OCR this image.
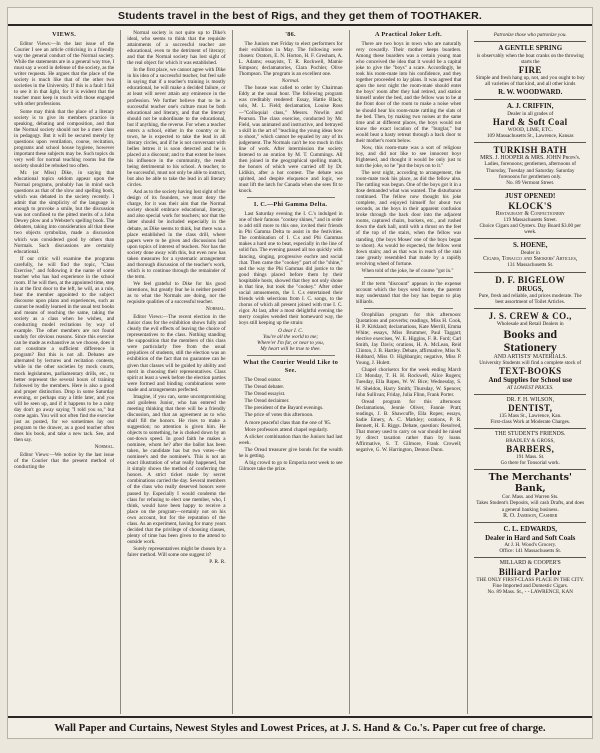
Students travel in the best of Rigs, and they get them of TOOTHAKER.
VIEWS.

Editor Views:—In the last issue of the Courier I see an article criticising in a friendly way the general conduct of the Normal society. While the statements are in a general way true, I must say a word in defense of the society, as the writer requests. He argues that the place of the society is much like that of the other two societies in the University. If this is a fault I fail to see it in that light, for it is evident that the teacher must keep in touch with those engaged with other professions.

Some may think that the place of a literary society is to give its members practice in speaking, debating and composition, and that the Normal society should not be a mere class in pedagogy. But it will be secured merely by questions upon ventilation, course, recitation, programs and school house hygiene, however important these subjects may be. Such topics do very well for normal teaching rooms but the society should be rebuked too often.

Mr. (or Miss) Dike, in saying that educational topics seldom appear upon the Normal programs, probably has in mind such questions as that of the slow and spelling book, which was debated in the society recently. I admit that the simplicity of the language is enough to provoke a smile, but the discussion was not confined to the pitted merits of a John Dewey plow and a Webster's spelling book. The debaters, taking into consideration all that these two objects symbolize, made a discussion which was considered good by others than Normals. Such discussions are certainly educational.

If our critic will examine the programs carefully, he will find the topic, "Class Exercise," and following it the name of some teacher who has had experience in the school room. If he will then, at the appointed time, step in at the first door to the left, he will, as a rule, hear the member appointed to the subject discourse upon plans and experiences, such as cannot be readily learned in the usual text books and means of reaching the same, taking the society as a class when he wishes, and conducting model recitations by way of example. The other members are not found unduly for obvious reasons. Since this exercise can be made as exhaustive as we choose, does it not constitute a sufficient difference in program? But this is not all. Debates are alternated by lectures and recitation contests, while in the other societies by mock courts, mock legislatures, parliamentary drills, etc., to better represent the several hours of training followed by the members. Here is also a good and proper distinction. Drop in some Saturday evening, or perhaps stay a little later, and you will be seen up, and if it happens to be a rainy day don't go away saying "I told you so," but come again. You will not often find the exercise just as posted, for we sometimes lay our program to the drawer, as a good teacher often does his book, and take a new tack. See, and then say.

Normal.

Editor Views:—We notice by the last issue of the Courier that the present method of conducting the

Normal society is not quite up to Dike's ideal, who seems to think that the requisite attainments of a successful teacher are educational, even to the detriment of literary; and that the Normal society has lost sight of the real object for which it was established.

In the first place, we cannot agree with Dike in his idea of a successful teacher, but feel safe in saying that if a teacher's training is mostly educational, he will make a decided failure, or at least will never attain any eminence in the profession. We further believe that to be a successful teacher one's culture must be both educational and literary, and that the literary should not be subordinate to the educational, but if anything, the reverse. For when a teacher enters a school, either in the country or in town, he is expected to take the lead in all literary circles, and if he is not conversant with belles lettres it is soon detected and he is placed at a discount; and to that extent he loses his influence in the community, the result being detrimental to his school. A teacher, to be successful, must not only be able to instruct, but also be able to take the lead in all literary circles.

And as to the society having lost sight of the design of its founders, we must deny the charge, for it was their aim that the Normal society should embrace educational, literary, and also special work for teachers; nor that the latter should be included especially in the debate, as Dike seems to think, but there was a place established in the class drill, where papers were to be given and discussions had upon topics of interest of teachers. Nor has the society done away with this, but even now has taken measures for a systematic arrangement and thorough discussion of the teacher's work, which is to continue through the remainder of the term.

We feel grateful to Dike for his good intentions, but greatly fear he is neither posted as to what the Normals are doing, nor the requisite qualities of a successful teacher.

Normal.

Editor Views:—The recent election in the Junior class for the exhibition shows fully and clearly the evil effects of leaving the choice of representatives to the class. Nothing standing the supposition that the members of this class were particularly free from the usual prejudices of students, still the election was an exhibition of the fact that no guarantee can be given that classes will be guided by ability and merit in choosing their representatives. Class spirit at least a week before the election parties were formed and binding combinations were made and arrangements perfected.

Imagine, if you can, some uncompromising and guileless Junior, who has entered the meeting thinking that there will be a friendly discussion, and that an agreement as to who shall fill the honors. He rises to make a suggestion; no attention is given him. He objects to something, he is choked down by an out-down speed. In good faith he makes a nominee, whom he? after the ballot has been taken, he candidate has but two votes—the nominee's and the nominee's. This is not an exact illustration of what really happened, but it simply shows the method of conferring the honors. A strict ticket made by secret combinations carried the day. Several members of the class who really deserved honors were passed by. Especially I would condemn the class for refusing to elect one member, who, I think, would have been happy to receive a place on the program—certainly not on his own account, but for the reputation of the class. As an experiment, having for many years decided that the privilege of choosing classes, plenty of time has been given to the attend to outside work.

Surely representatives might be chosen by a fairer method. Will some one suggest it?

P. R. R.
'86.

The Juniors met Friday to elect performers for their exhibition in May. The following were chosen: Orators, E. N. Horton, H. F. Gresham, A. L. Adams; essayists, T. R. Rockwell, Mamie Simpson; declamatories, Clara Pochler, Olive Thompson. The program is an excellent one.

Normal.

The house was called to order by Chairman Eddy at the usual hour. The following program was creditably rendered: Essay, Hattie Black; solo, M. L. Field; declamation, Louise Ross—"Colloquial class," Messrs. Nowlin and Pearson. The class exercise, conducted by Mr. Field, was animated and instructive, and betrayed a skill in the art of "teaching the young ideas how to shoot," which cannot be equaled by any of its judgement. The Normals can't be too much in this line of work. After intermission the society listened to an oration by M. T. Cummings. All then joined in the geographical spelling match, the honors of which were carried off by Dr. Lidikin, after a hot contest. The debate was spirited, and despite eloquence and logic, we must lift the latch for Canada when she sees fit to knock.

I. C.—Phi Gamma Delta.

Last Saturday evening the I. C.'s indulged in one of their famous "cookey shines," and in order to add still more to this one, invited their friends in Phi Gamma Delta to assist in the festivities. The combination of I. C.s and Phi Gammas makes a hard one to beat, especially in the line of solid fun. The evening passed all too quickly with dancing, singing, progressive euchre and social chat. Then came the "cookey" part of the "shine," and the way the Phi Gammas did justice to the good things placed before them by their hospitable hosts, showed that they not only shone in that line, but took the "cookey." After other social amusements, the I. C.s entertained their friends with selections from I. C. songs, to the chorus of which all present joined with true I. C. vigor. At last, after a most delightful evening the merry couples wended their homeward way, the boys still keeping up the strain:

O dear I. C.
You're all the world to me;
Where'er I'm far, or near to you,
My heart will be true to thee.
What the Courier Would Like to See.

The Oread orator.

The Oread debater.

The Oread essayist.

The Oread declaimer.

The president of the Bayard evenings.

The price of votes this afternoon.

A more peaceful class than the one of '85.

More professors attend chapel regularly.

A slicker combination than the Juniors had last week.

The Oread treasurer give bonds for the wealth he is getting.

A big crowd to go to Emporia next week to see Gilmore take the prize.

A Practical Joker Left.

There are two boys in town who are naturally very cowardly. Their mother keeps boarders. Among these boarders was a certain young man who conceived the idea that it would be a capital joke to give the "boys" a scare. Accordingly, he took his room-mate into his confidence, and they together proceeded to lay plans. It was agreed that upon the next night the room-mate should enter the boys' room after they had retired, and station himself under the bed, and the fellow was to be at the front door of the room to make a noise when he should hear his room-mate rattling the slats of the bed. Then, by making two noises at the same time and at different places, the boys would not know the exact location of the "burglar," but would beat a hasty retreat through a back door to their mother's room below.

Now, this room-mate was a sort of religious boy, and did not like to see innocent boys frightened, and thought it would be only just to turn the joke, so he "put the boys on to it."

The next night, according to arrangement, the room-mate took his place, as did the fellow also. The rattling was begun. One of the boys got it in a dose demanded what was wanted. The disturbance continued. The fellow now thought his joke complete, and enjoyed himself for about two seconds, as the boys in their apparent confusion broke through the back door into the adjacent rooms, captured chairs, buckets, etc., and rushed down the dark hall, until with a thrust on the feet of the top of the stairs, when the fellow was standing, (the boys Moses' one of the boys began to shoot). As would be expected, the fellow went down stairs; and as that was in reach of the stair case greatly resembled that made by a rapidly revolving wheel of fortune.

When told of the joke, he of course "got in."

If the term "discount" appears in the expense account which the boys send home, the parents may understand that the boy has begun to play billiards.

Orophilian program for this afternoon: Quotations and proverbs; readings, Miss H. Cook, H. P. Kirkland; declamations, Kate Merrill, Emma White; essays, Miss Brummer, Paul Taggart; elective exercises, W. E. Higgins, F. R. Ford; Carl Smith, Jay Davis; orations, H. A. McLean, Reid Clinton, J. B. Hartley. Debate, affirmative, Miss N. Hubbard, Miss O. Highbargin; negative, Miss P. Young, J. Hulett.

Chapel chorisetcs for the week ending March 13: Monday, T. H. H. Rockwell, Alice Rogers; Tuesday, Ella Ropes, W. W. Bice; Wednesday, S. W. Sheldon, Harry Smith; Thursday, W. Spencer, John Sullivan; Friday, Julia Flinn, Frank Porter.

Oread program for this afternoon: Declamations, Jennie Oliver, Fannie Pratt; readings, J. B. Shawcuffe, Ella Ropes; essays, Sadie Emery, A. C. Markley; orations, P. R. Bennett, H. E. Riggs. Debate, question: Resolved, That money used to carry on war should be raised by direct taxation rather than by loans. Affirmative, S. T. Gilmore, Frank Crowell; negative, G. W. Harrington, Denton Dunn.

Patronize those who patronize you.
A GENTLE SPRING
is observably when the boat cranks on the throwing starts the
FIRE
Simple and fresh hang up, not, and you ought to buy all varieties of that kind, and all other kinds
R. W. WOODWARD.
A. J. CRIFFIN,
Dealer in all grades of
Hard & Soft Coal
WOOD, LIME, ETC.
109 Massachusetts St., Lawrence, Kansas
TURKISH BATH
MRS. J. HOOPER & MRS. JOHN Props's.
Ladies, forenoons; gentlemen, afternoons of Thursday, Tuesday and Saturday. Saturday forenoons for gentlemen only.
No. 89 Vermont Street.
JUST OPENED!
KLOCK'S
Restaurant & Confectionery
119 Massachusetts Street.
Choice Cigars and Oysters. Day Board $3.00 per week.
S. HOENE,
Dealer in
Cigars, Tobacco and Smokers' Articles,
131 Massachusetts St.
D. F. BIGELOW
DRUGS,
Pure, fresh and reliable, and prices moderate. The best assortment of Toilet Articles.
J. S. CREW & CO.,
Wholesale and Retail Dealers in
Books and Stationery
AND ARTISTS' MATERIALS.
University Students will find a complete stock of
TEXT-BOOKS
And Supplies for School use
AT LOWEST PRICES.
DR. F. H. WILSON,
DENTIST,
135 Mass St., Lawrence, Kan.
First-class Work at Moderate Charges.
THE STUDENT'S FRIENDS.
BRADLEY & GROSS,
BARBERS,
191 Mass. St.
Go there for Tonsorial work.
The Merchants' Bank,
Cor. Mass. and Warren Sts.
Takes Student's Deposits, will cash Drafts, and does a general banking business.
R. O. Jameson, Cashier
C. L. EDWARDS,
Dealer in Hard and Soft Coals
At J. H. Wood's Grocery.
Office: 141 Massachusetts St.
MILLARD & COOPER'S
Billiard Parlor
THE ONLY FIRST-CLASS PLACE IN THE CITY.
Fine Imported and Domestic Cigars.
No. 89 Mass. St., - - LAWRENCE, KAN
Wall Paper and Curtains, Newest Styles and Lowest Prices, at J. S. Hand & Co.'s. Paper cut free of charge.
